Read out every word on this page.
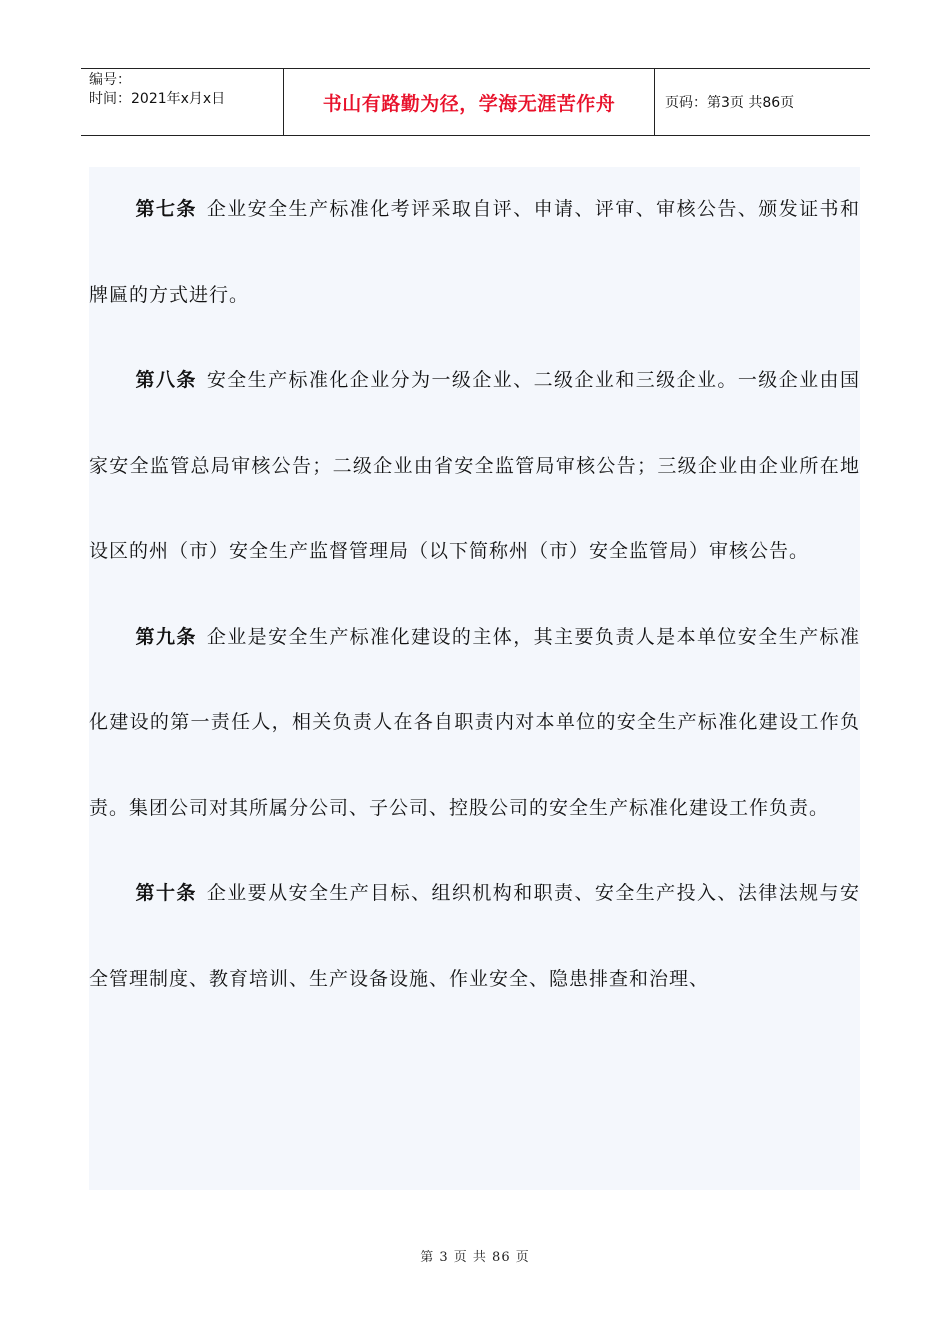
编号：
时间：2021年x月x日	书山有路勤为径，学海无涯苦作舟	页码：第3页 共86页

第七条 企业安全生产标准化考评采取自评、申请、评审、审核公告、颁发证书和牌匾的方式进行。

第八条 安全生产标准化企业分为一级企业、二级企业和三级企业。一级企业由国家安全监管总局审核公告；二级企业由省安全监管局审核公告；三级企业由企业所在地设区的州（市）安全生产监督管理局（以下简称州（市）安全监管局）审核公告。

第九条 企业是安全生产标准化建设的主体，其主要负责人是本单位安全生产标准化建设的第一责任人，相关负责人在各自职责内对本单位的安全生产标准化建设工作负责。集团公司对其所属分公司、子公司、控股公司的安全生产标准化建设工作负责。

第十条 企业要从安全生产目标、组织机构和职责、安全生产投入、法律法规与安全管理制度、教育培训、生产设备设施、作业安全、隐患排查和治理、

第 3 页 共 86 页
